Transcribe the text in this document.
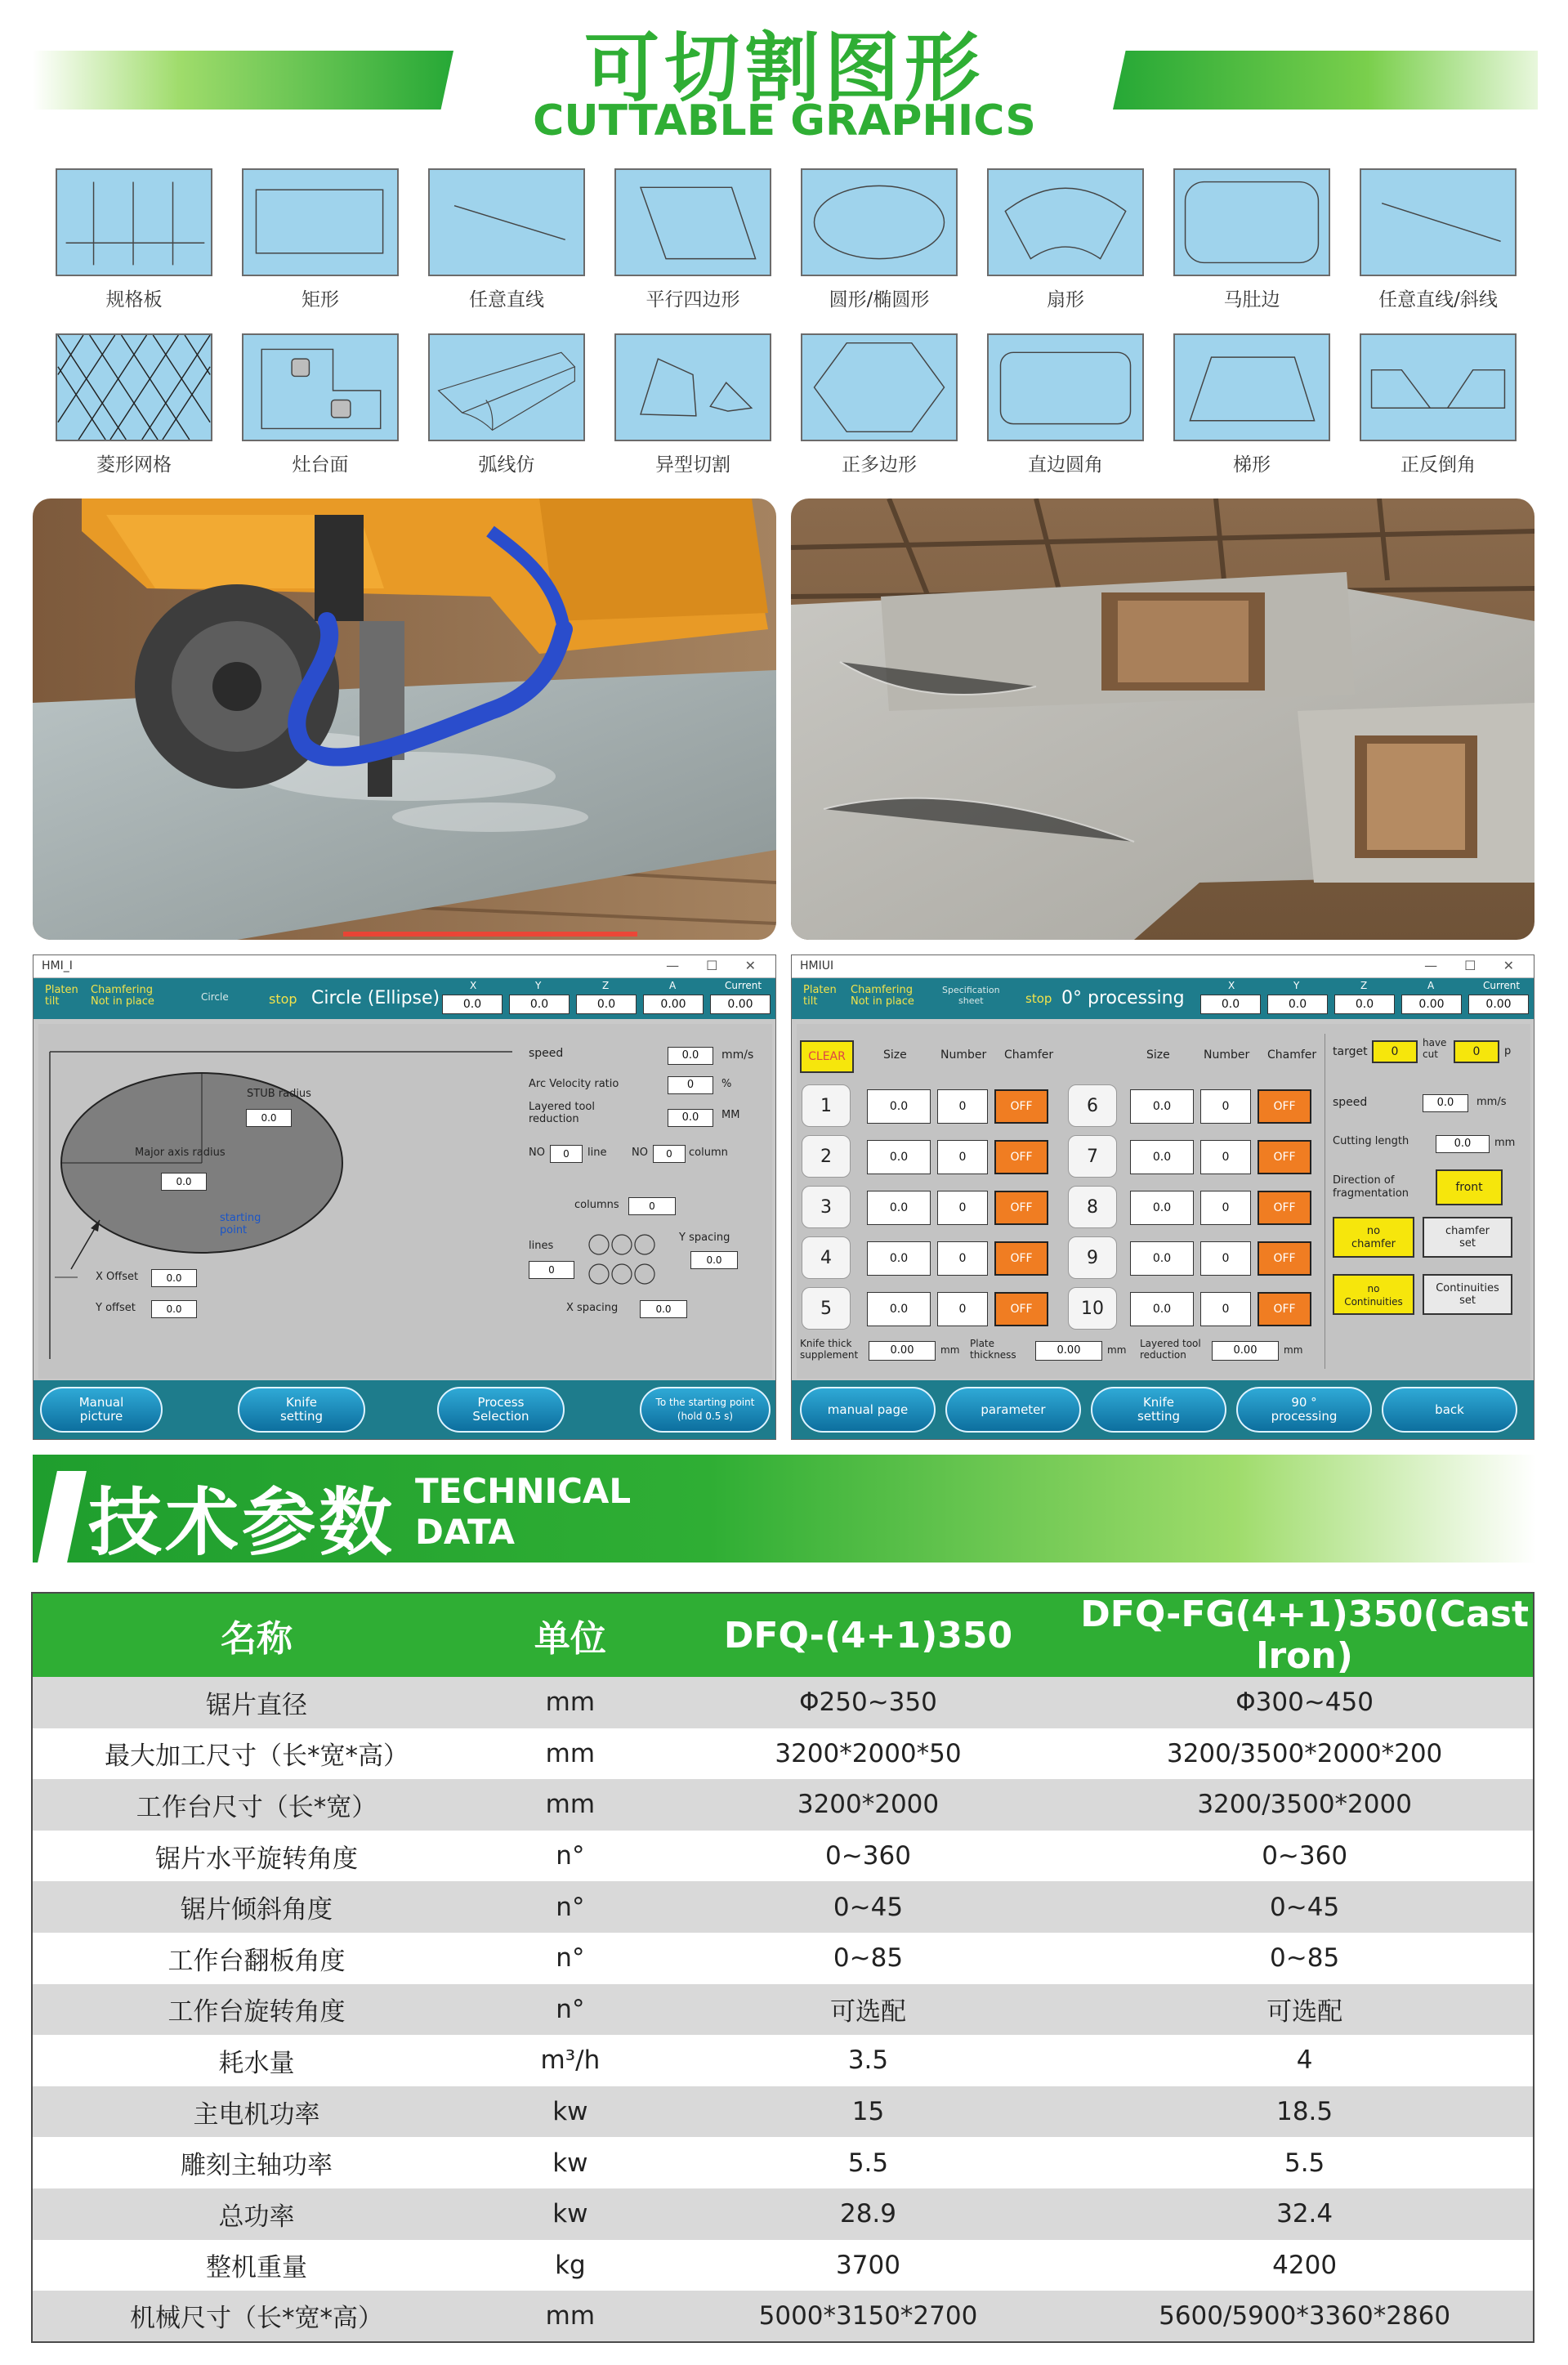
可切割图形
CUTTABLE GRAPHICS
规格板	矩形	任意直线	平行四边形	圆形/椭圆形	扇形	马肚边	任意直线/斜线
菱形网格	灶台面	弧线仿	异型切割	正多边形	直边圆角	梯形	正反倒角
HMI_I	— ☐ ✕
Platen
tilt
Chamfering
Not in place	Circle	stop Circle (Ellipse)
X	Y	Z	A	Current
0.0	0.0	0.0	0.00	0.00
STUB radius
0.0
Major axis radius
0.0
starting
point
X Offset	0.0
Y offset	0.0
speed	0.0	mm/s
Arc Velocity ratio	0	%
Layered tool
reduction	0.0	MM
NO	0	line NO	0	column
columns	0
lines
0
Y spacing
0.0
X spacing	0.0
Manual
picture
Knife
setting
Process
Selection
To the starting point
(hold 0.5 s)
HMIUI	— ☐ ✕
Platen
tilt
Chamfering
Not in place
Specification
sheet	stop 0° processing
X	Y	Z	A	Current
0.0	0.0	0.0	0.00	0.00
CLEAR	Size	Number Chamfer	Size	Number Chamfer
1	0.0	0	OFF
2	0.0	0	OFF
3	0.0	0	OFF
4	0.0	0	OFF
5	0.0	0	OFF
6	0.0	0	OFF
7	0.0	0	OFF
8	0.0	0	OFF
9	0.0	0	OFF
10	0.0	0	OFF
Knife thick
supplement	0.00	mm
Plate
thickness	0.00	mm
Layered tool
reduction	0.00	mm
target	0
have
cut	0	p
speed	0.0	mm/s
Cutting length	0.0	mm
Direction of
fragmentation	front
no
chamfer
chamfer
set
no
Continuities
Continuities
set
manual page	parameter	Knife
setting
90 °
processing	back
技术参数 TECHNICAL
DATA
名称	单位	DFQ-(4+1)350	DFQ-FG(4+1)350(Cast lron)
锯片直径	mm	Φ250~350	Φ300~450
最大加工尺寸（长*宽*高）	mm	3200*2000*50	3200/3500*2000*200
工作台尺寸（长*宽）	mm	3200*2000	3200/3500*2000
锯片水平旋转角度	n°	0~360	0~360
锯片倾斜角度	n°	0~45	0~45
工作台翻板角度	n°	0~85	0~85
工作台旋转角度	n°	可选配	可选配
耗水量	m³/h	3.5	4
主电机功率	kw	15	18.5
雕刻主轴功率	kw	5.5	5.5
总功率	kw	28.9	32.4
整机重量	kg	3700	4200
机械尺寸（长*宽*高）	mm	5000*3150*2700	5600/5900*3360*2860
